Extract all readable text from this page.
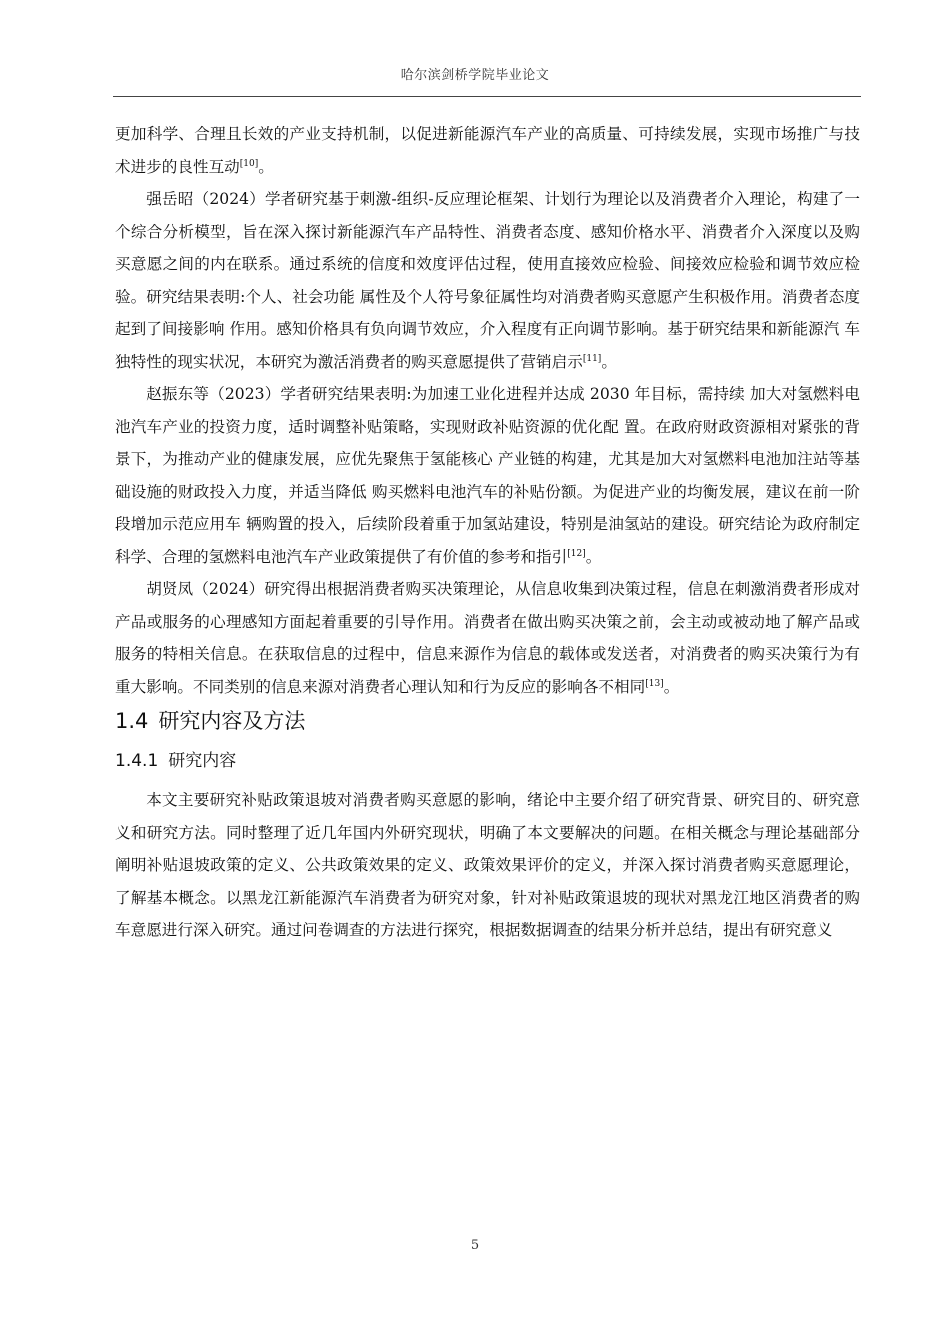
哈尔滨剑桥学院毕业论文

更加科学、合理且长效的产业支持机制，以促进新能源汽车产业的高质量、可持续发展，实现市场推广与技术进步的良性互动[10]。

强岳昭（2024）学者研究基于刺激-组织-反应理论框架、计划行为理论以及消费者介入理论，构建了一个综合分析模型，旨在深入探讨新能源汽车产品特性、消费者态度、感知价格水平、消费者介入深度以及购买意愿之间的内在联系。通过系统的信度和效度评估过程，使用直接效应检验、间接效应检验和调节效应检验。研究结果表明:个人、社会功能 属性及个人符号象征属性均对消费者购买意愿产生积极作用。消费者态度起到了间接影响 作用。感知价格具有负向调节效应，介入程度有正向调节影响。基于研究结果和新能源汽 车独特性的现实状况，本研究为激活消费者的购买意愿提供了营销启示[11]。

赵振东等（2023）学者研究结果表明:为加速工业化进程并达成 2030 年目标，需持续 加大对氢燃料电池汽车产业的投资力度，适时调整补贴策略，实现财政补贴资源的优化配 置。在政府财政资源相对紧张的背景下，为推动产业的健康发展，应优先聚焦于氢能核心 产业链的构建，尤其是加大对氢燃料电池加注站等基础设施的财政投入力度，并适当降低 购买燃料电池汽车的补贴份额。为促进产业的均衡发展，建议在前一阶段增加示范应用车 辆购置的投入，后续阶段着重于加氢站建设，特别是油氢站的建设。研究结论为政府制定 科学、合理的氢燃料电池汽车产业政策提供了有价值的参考和指引[12]。

胡贤凤（2024）研究得出根据消费者购买决策理论，从信息收集到决策过程，信息在刺激消费者形成对产品或服务的心理感知方面起着重要的引导作用。消费者在做出购买决策之前，会主动或被动地了解产品或服务的特相关信息。在获取信息的过程中，信息来源作为信息的载体或发送者，对消费者的购买决策行为有重大影响。不同类别的信息来源对消费者心理认知和行为反应的影响各不相同[13]。

1.4 研究内容及方法
1.4.1 研究内容

本文主要研究补贴政策退坡对消费者购买意愿的影响，绪论中主要介绍了研究背景、研究目的、研究意义和研究方法。同时整理了近几年国内外研究现状，明确了本文要解决的问题。在相关概念与理论基础部分阐明补贴退坡政策的定义、公共政策效果的定义、政策效果评价的定义，并深入探讨消费者购买意愿理论，了解基本概念。以黑龙江新能源汽车消费者为研究对象，针对补贴政策退坡的现状对黑龙江地区消费者的购车意愿进行深入研究。通过问卷调查的方法进行探究，根据数据调查的结果分析并总结，提出有研究意义

5
